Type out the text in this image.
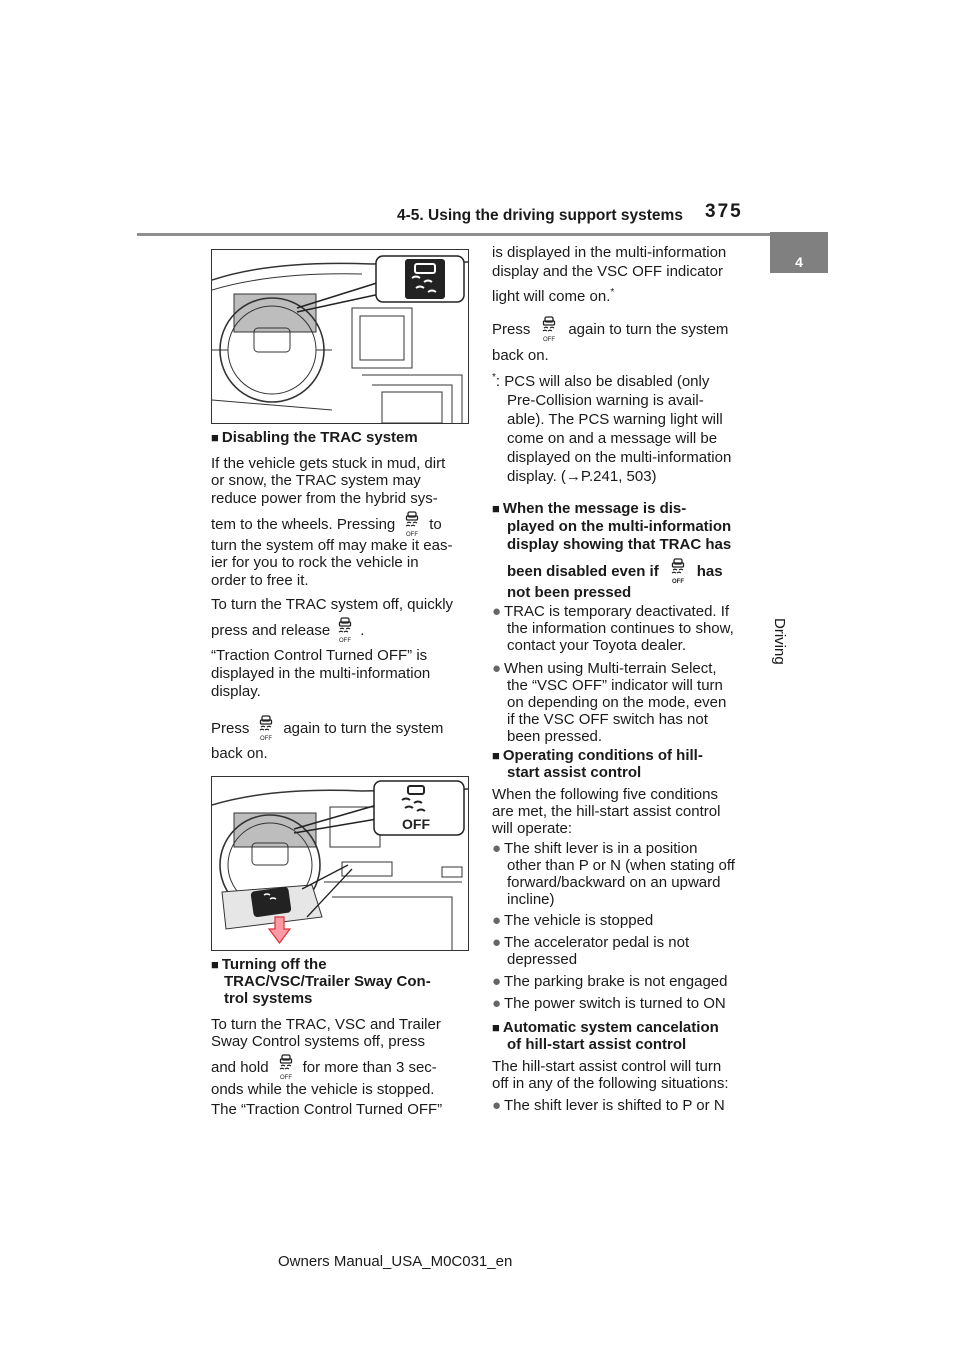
4-5. Using the driving support systems 375
4
Driving

■ Disabling the TRAC system

If the vehicle gets stuck in mud, dirt

or snow, the TRAC system may

reduce power from the hybrid sys-

tem to the wheels. Pressing to

turn the system off may make it eas-

ier for you to rock the vehicle in

order to free it.

To turn the TRAC system off, quickly

press and release .

“Traction Control Turned OFF” is

displayed in the multi-information

display.

Press again to turn the system

back on.

OFF

■ Turning off the

TRAC/VSC/Trailer Sway Con-

trol systems

To turn the TRAC, VSC and Trailer

Sway Control systems off, press

and hold for more than 3 sec-

onds while the vehicle is stopped.

The “Traction Control Turned OFF”

is displayed in the multi-information

display and the VSC OFF indicator

light will come on.*

Press	again to turn the system

back on.

*: PCS will also be disabled (only

Pre-Collision warning is avail-

able). The PCS warning light will

come on and a message will be

displayed on the multi-information

display. (→P.241, 503)

■ When the message is dis-

played on the multi-information

display showing that TRAC has

been disabled even if	has

not been pressed

● TRAC is temporary deactivated. If

the information continues to show,

contact your Toyota dealer.

● When using Multi-terrain Select,

the “VSC OFF” indicator will turn

on depending on the mode, even

if the VSC OFF switch has not

been pressed.

■ Operating conditions of hill-

start assist control

When the following five conditions

are met, the hill-start assist control

will operate:

● The shift lever is in a position

other than P or N (when stating off

forward/backward on an upward

incline)

● The vehicle is stopped

● The accelerator pedal is not

depressed

● The parking brake is not engaged

● The power switch is turned to ON

■ Automatic system cancelation

of hill-start assist control

The hill-start assist control will turn

off in any of the following situations:

● The shift lever is shifted to P or N

Owners Manual_USA_M0C031_en
